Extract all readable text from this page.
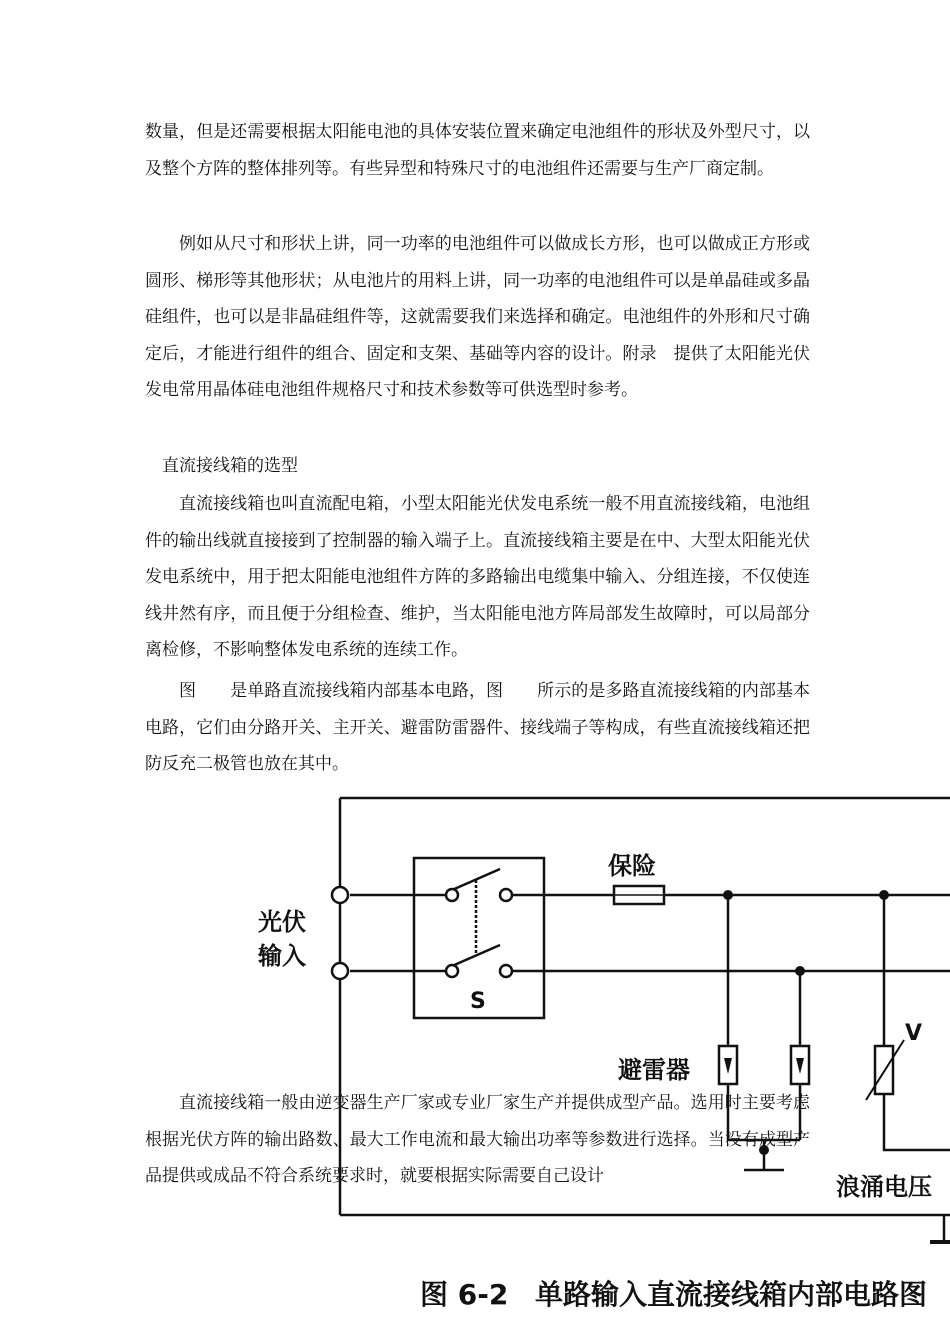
数量，但是还需要根据太阳能电池的具体安装位置来确定电池组件的形状及外型尺寸，以及整个方阵的整体排列等。有些异型和特殊尺寸的电池组件还需要与生产厂商定制。

例如从尺寸和形状上讲，同一功率的电池组件可以做成长方形，也可以做成正方形或圆形、梯形等其他形状；从电池片的用料上讲，同一功率的电池组件可以是单晶硅或多晶硅组件，也可以是非晶硅组件等，这就需要我们来选择和确定。电池组件的外形和尺寸确定后，才能进行组件的组合、固定和支架、基础等内容的设计。附录　提供了太阳能光伏发电常用晶体硅电池组件规格尺寸和技术参数等可供选型时参考。

直流接线箱的选型

直流接线箱也叫直流配电箱，小型太阳能光伏发电系统一般不用直流接线箱，电池组件的输出线就直接接到了控制器的输入端子上。直流接线箱主要是在中、大型太阳能光伏发电系统中，用于把太阳能电池组件方阵的多路输出电缆集中输入、分组连接，不仅使连线井然有序，而且便于分组检查、维护，当太阳能电池方阵局部发生故障时，可以局部分离检修，不影响整体发电系统的连续工作。

图　　是单路直流接线箱内部基本电路，图　　所示的是多路直流接线箱的内部基本电路，它们由分路开关、主开关、避雷防雷器件、接线端子等构成，有些直流接线箱还把防反充二极管也放在其中。

光伏
输入
保险
S
避雷器
V
浪涌电压
图 6-2 单路输入直流接线箱内部电路图

直流接线箱一般由逆变器生产厂家或专业厂家生产并提供成型产品。选用时主要考虑根据光伏方阵的输出路数、最大工作电流和最大输出功率等参数进行选择。当没有成型产品提供或成品不符合系统要求时，就要根据实际需要自己设计
